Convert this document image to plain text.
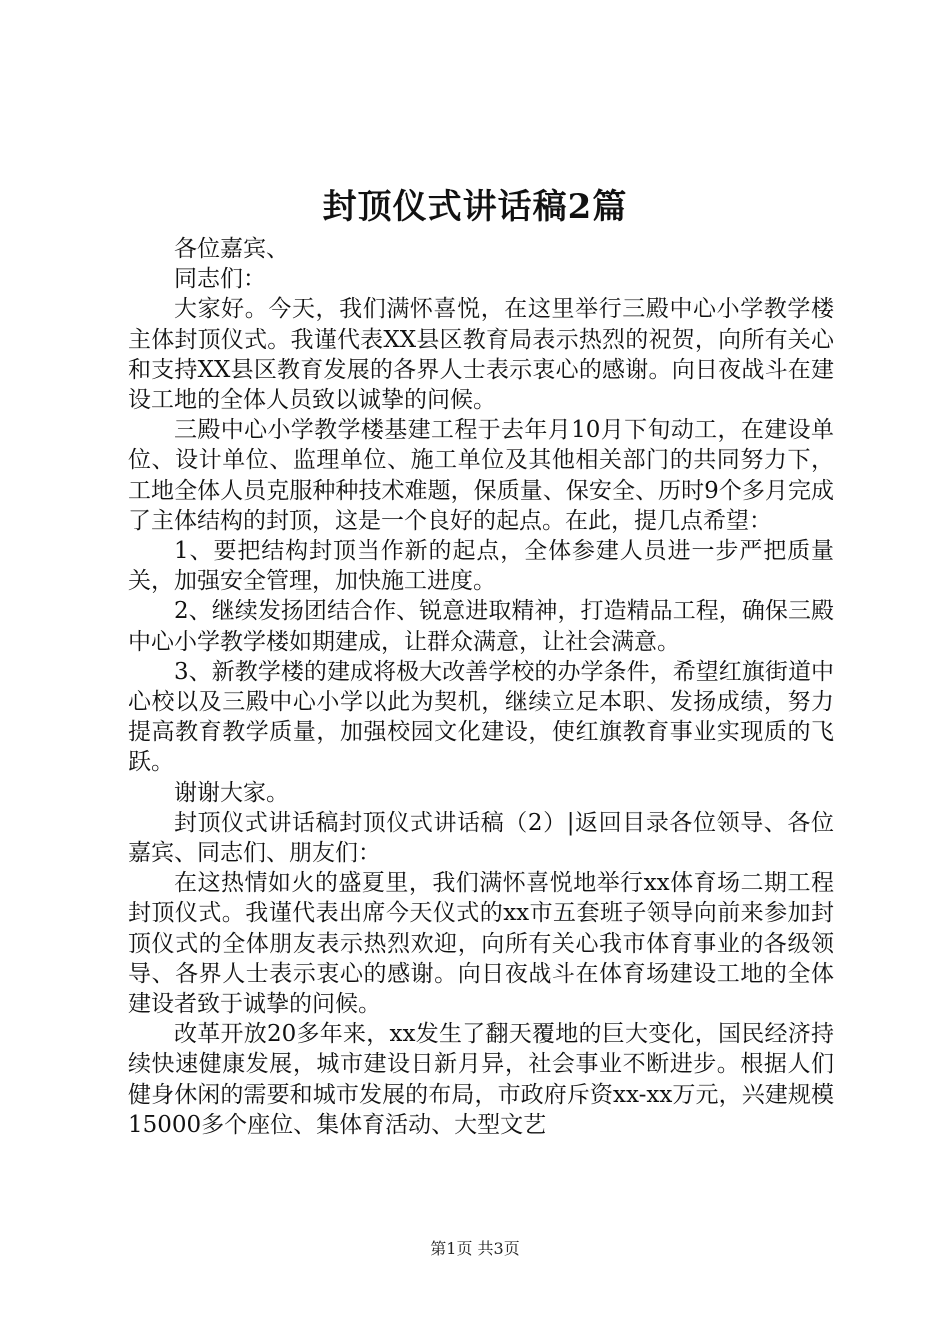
封顶仪式讲话稿2篇

各位嘉宾、

同志们：

大家好。今天，我们满怀喜悦，在这里举行三殿中心小学教学楼主体封顶仪式。我谨代表XX县区教育局表示热烈的祝贺，向所有关心和支持XX县区教育发展的各界人士表示衷心的感谢。向日夜战斗在建设工地的全体人员致以诚挚的问候。

三殿中心小学教学楼基建工程于去年月10月下旬动工，在建设单位、设计单位、监理单位、施工单位及其他相关部门的共同努力下，工地全体人员克服种种技术难题，保质量、保安全、历时9个多月完成了主体结构的封顶，这是一个良好的起点。在此，提几点希望：

1、要把结构封顶当作新的起点，全体参建人员进一步严把质量关，加强安全管理，加快施工进度。

2、继续发扬团结合作、锐意进取精神，打造精品工程，确保三殿中心小学教学楼如期建成，让群众满意，让社会满意。

3、新教学楼的建成将极大改善学校的办学条件，希望红旗街道中心校以及三殿中心小学以此为契机，继续立足本职、发扬成绩，努力提高教育教学质量，加强校园文化建设，使红旗教育事业实现质的飞跃。

谢谢大家。

封顶仪式讲话稿封顶仪式讲话稿（2）|返回目录各位领导、各位嘉宾、同志们、朋友们：

在这热情如火的盛夏里，我们满怀喜悦地举行xx体育场二期工程封顶仪式。我谨代表出席今天仪式的xx市五套班子领导向前来参加封顶仪式的全体朋友表示热烈欢迎，向所有关心我市体育事业的各级领导、各界人士表示衷心的感谢。向日夜战斗在体育场建设工地的全体建设者致于诚挚的问候。

改革开放20多年来，xx发生了翻天覆地的巨大变化，国民经济持续快速健康发展，城市建设日新月异，社会事业不断进步。根据人们健身休闲的需要和城市发展的布局，市政府斥资xx-xx万元，兴建规模15000多个座位、集体育活动、大型文艺

第1页 共3页
